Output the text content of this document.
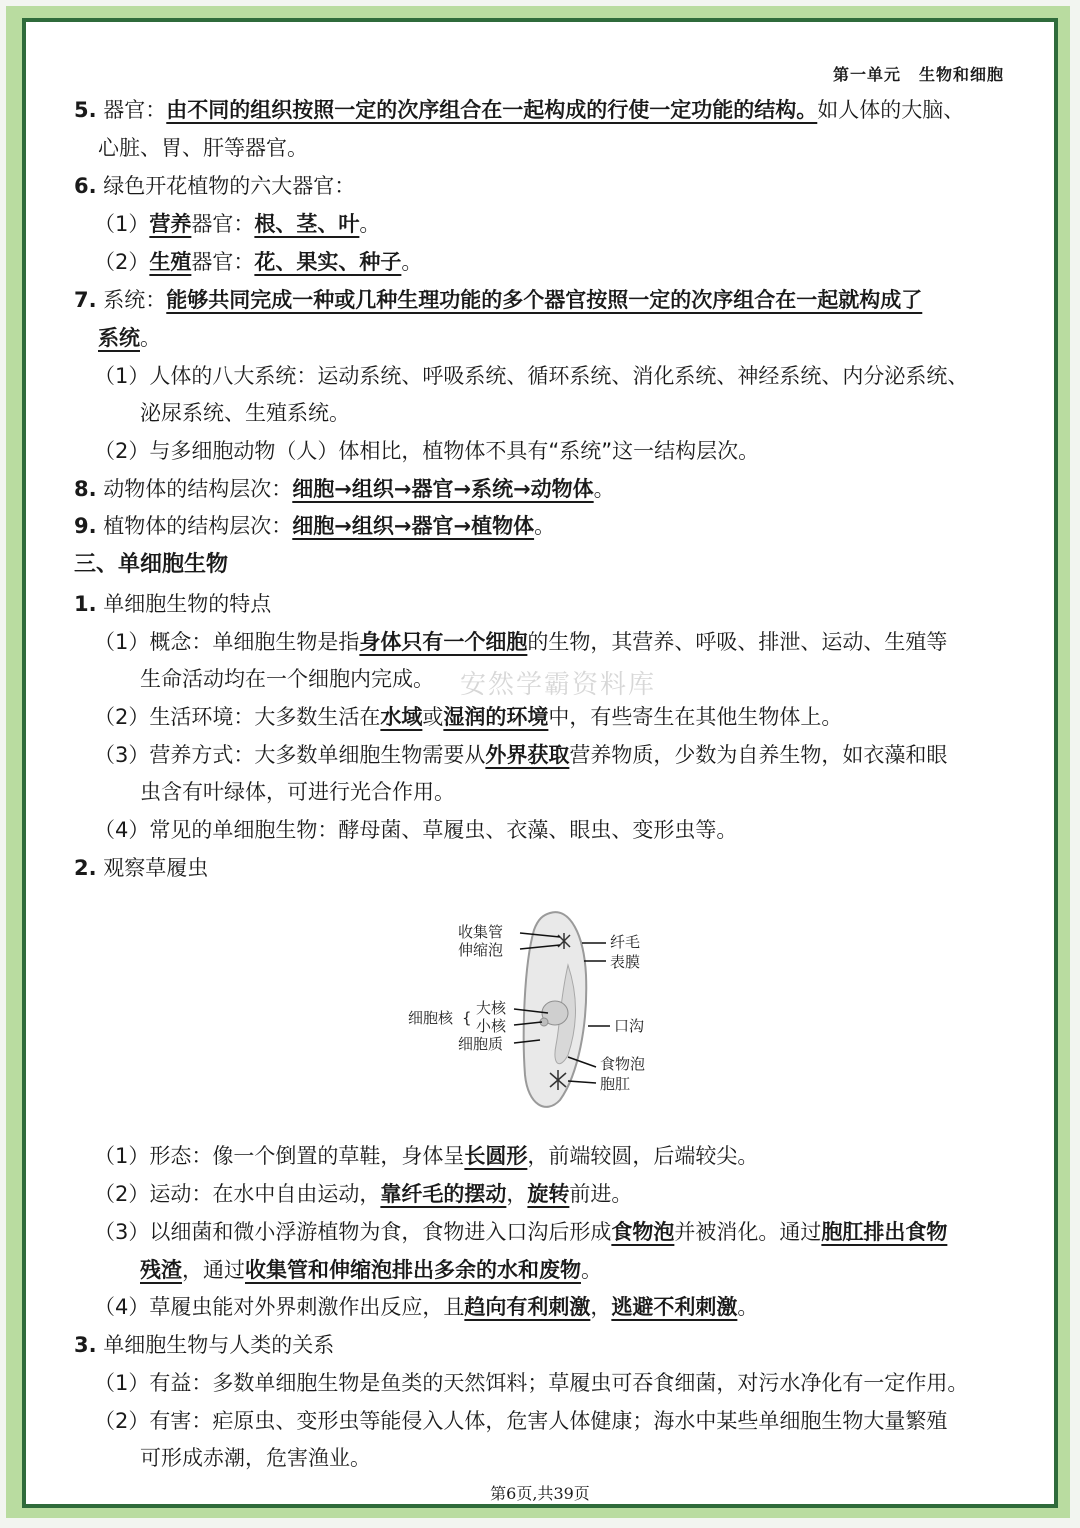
第一单元 生物和细胞
安然学霸资料库
5. 器官：由不同的组织按照一定的次序组合在一起构成的行使一定功能的结构。如人体的大脑、
心脏、胃、肝等器官。
6. 绿色开花植物的六大器官：
（1）营养器官：根、茎、叶。
（2）生殖器官：花、果实、种子。
7. 系统：能够共同完成一种或几种生理功能的多个器官按照一定的次序组合在一起就构成了
系统。
（1）人体的八大系统：运动系统、呼吸系统、循环系统、消化系统、神经系统、内分泌系统、
泌尿系统、生殖系统。
（2）与多细胞动物（人）体相比，植物体不具有“系统”这一结构层次。
8. 动物体的结构层次：细胞→组织→器官→系统→动物体。
9. 植物体的结构层次：细胞→组织→器官→植物体。
三、单细胞生物
1. 单细胞生物的特点
（1）概念：单细胞生物是指身体只有一个细胞的生物，其营养、呼吸、排泄、运动、生殖等
生命活动均在一个细胞内完成。
（2）生活环境：大多数生活在水域或湿润的环境中，有些寄生在其他生物体上。
（3）营养方式：大多数单细胞生物需要从外界获取营养物质，少数为自养生物，如衣藻和眼
虫含有叶绿体，可进行光合作用。
（4）常见的单细胞生物：酵母菌、草履虫、衣藻、眼虫、变形虫等。
2. 观察草履虫
收集管
伸缩泡	纤毛
表膜
细胞核 {
大核
小核	口沟
细胞质
食物泡
胞肛
（1）形态：像一个倒置的草鞋，身体呈长圆形，前端较圆，后端较尖。
（2）运动：在水中自由运动，靠纤毛的摆动，旋转前进。
（3）以细菌和微小浮游植物为食，食物进入口沟后形成食物泡并被消化。通过胞肛排出食物
残渣，通过收集管和伸缩泡排出多余的水和废物。
（4）草履虫能对外界刺激作出反应，且趋向有利刺激，逃避不利刺激。
3. 单细胞生物与人类的关系
（1）有益：多数单细胞生物是鱼类的天然饵料；草履虫可吞食细菌，对污水净化有一定作用。
（2）有害：疟原虫、变形虫等能侵入人体，危害人体健康；海水中某些单细胞生物大量繁殖
可形成赤潮，危害渔业。
第6页,共39页
